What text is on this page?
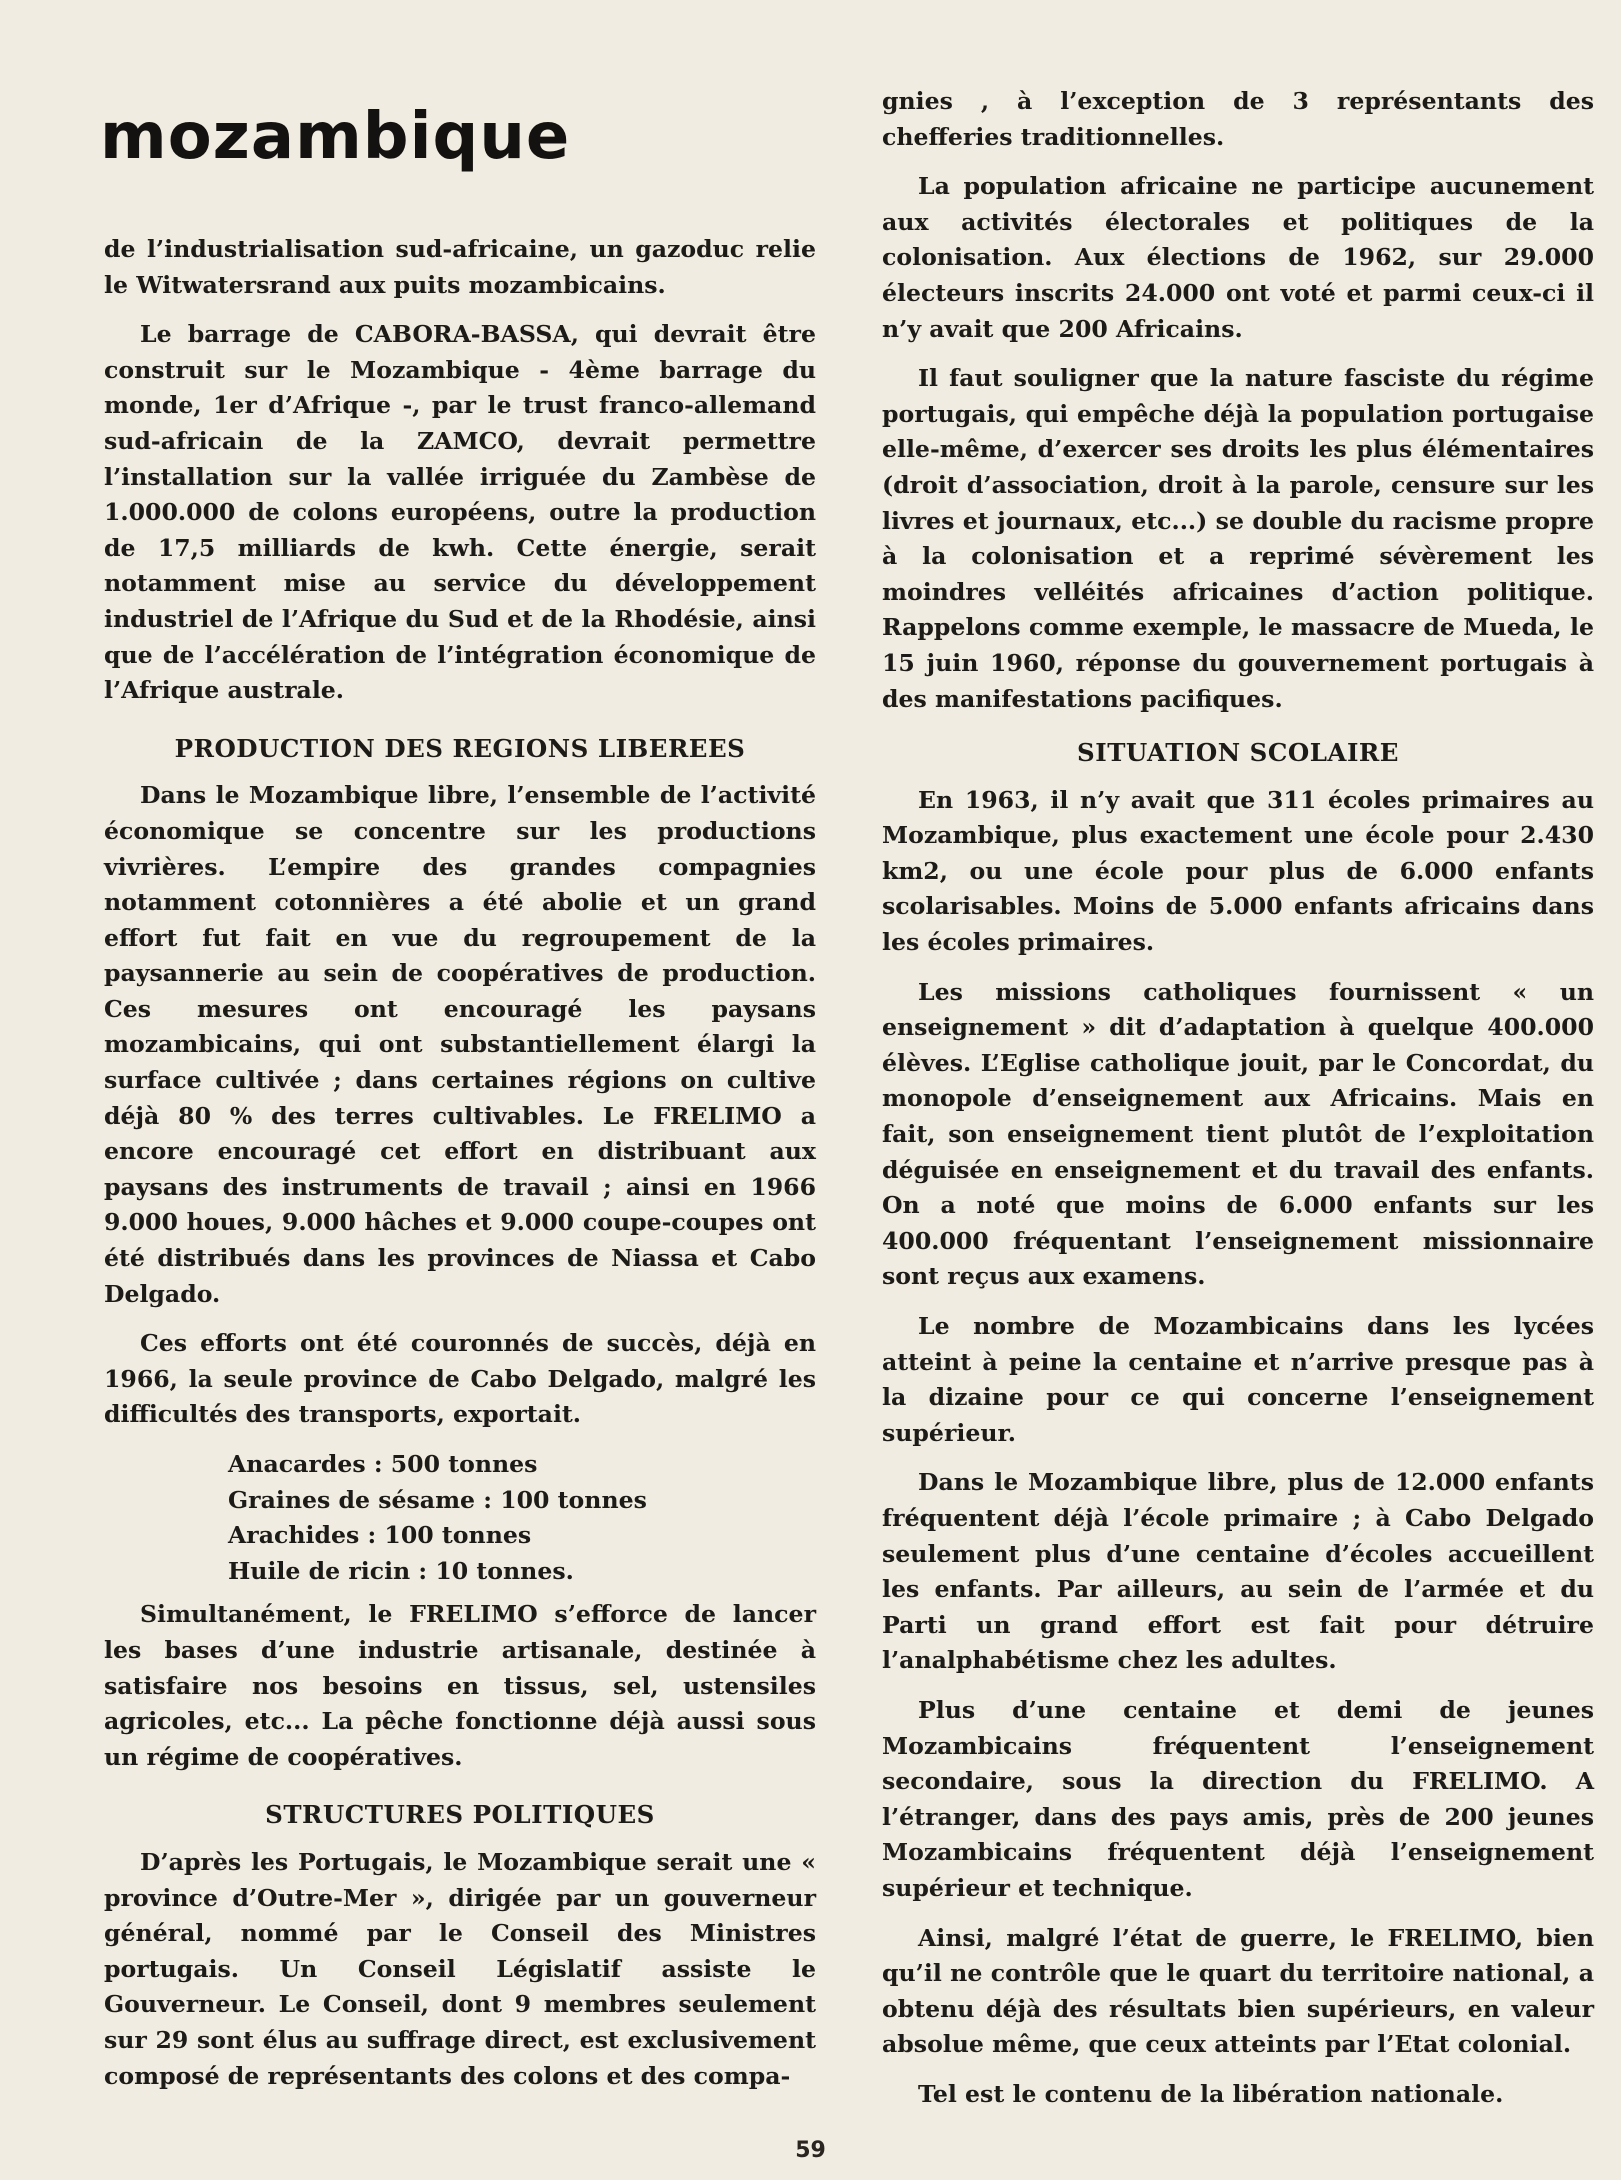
mozambique

de l’industrialisation sud-africaine, un gazoduc relie le Witwatersrand aux puits mozambicains.

Le barrage de CABORA-BASSA, qui devrait être construit sur le Mozambique - 4ème barrage du monde, 1er d’Afrique -, par le trust franco-allemand sud-africain de la ZAMCO, devrait permettre l’installation sur la vallée irriguée du Zambèse de 1.000.000 de colons européens, outre la production de 17,5 milliards de kwh. Cette énergie, serait notamment mise au service du développement industriel de l’Afrique du Sud et de la Rhodésie, ainsi que de l’accélération de l’intégration économique de l’Afrique australe.

PRODUCTION DES REGIONS LIBEREES

Dans le Mozambique libre, l’ensemble de l’activité économique se concentre sur les productions vivrières. L’empire des grandes compagnies notamment cotonnières a été abolie et un grand effort fut fait en vue du regroupement de la paysannerie au sein de coopératives de production. Ces mesures ont encouragé les paysans mozambicains, qui ont substantiellement élargi la surface cultivée ; dans certaines régions on cultive déjà 80 % des terres cultivables. Le FRELIMO a encore encouragé cet effort en distribuant aux paysans des instruments de travail ; ainsi en 1966 9.000 houes, 9.000 hâches et 9.000 coupe-coupes ont été distribués dans les provinces de Niassa et Cabo Delgado.

Ces efforts ont été couronnés de succès, déjà en 1966, la seule province de Cabo Delgado, malgré les difficultés des transports, exportait.

Anacardes : 500 tonnes
Graines de sésame : 100 tonnes
Arachides : 100 tonnes
Huile de ricin : 10 tonnes.

Simultanément, le FRELIMO s’efforce de lancer les bases d’une industrie artisanale, destinée à satisfaire nos besoins en tissus, sel, ustensiles agricoles, etc... La pêche fonctionne déjà aussi sous un régime de coopératives.

STRUCTURES POLITIQUES

D’après les Portugais, le Mozambique serait une « province d’Outre-Mer », dirigée par un gouverneur général, nommé par le Conseil des Ministres portugais. Un Conseil Législatif assiste le Gouverneur. Le Conseil, dont 9 membres seulement sur 29 sont élus au suffrage direct, est exclusivement composé de représentants des colons et des compa-

gnies , à l’exception de 3 représentants des chefferies traditionnelles.

La population africaine ne participe aucunement aux activités électorales et politiques de la colonisation. Aux élections de 1962, sur 29.000 électeurs inscrits 24.000 ont voté et parmi ceux-ci il n’y avait que 200 Africains.

Il faut souligner que la nature fasciste du régime portugais, qui empêche déjà la population portugaise elle-même, d’exercer ses droits les plus élémentaires (droit d’association, droit à la parole, censure sur les livres et journaux, etc...) se double du racisme propre à la colonisation et a reprimé sévèrement les moindres velléités africaines d’action politique. Rappelons comme exemple, le massacre de Mueda, le 15 juin 1960, réponse du gouvernement portugais à des manifestations pacifiques.

SITUATION SCOLAIRE

En 1963, il n’y avait que 311 écoles primaires au Mozambique, plus exactement une école pour 2.430 km2, ou une école pour plus de 6.000 enfants scolarisables. Moins de 5.000 enfants africains dans les écoles primaires.

Les missions catholiques fournissent « un enseignement » dit d’adaptation à quelque 400.000 élèves. L’Eglise catholique jouit, par le Concordat, du monopole d’enseignement aux Africains. Mais en fait, son enseignement tient plutôt de l’exploitation déguisée en enseignement et du travail des enfants. On a noté que moins de 6.000 enfants sur les 400.000 fréquentant l’enseignement missionnaire sont reçus aux examens.

Le nombre de Mozambicains dans les lycées atteint à peine la centaine et n’arrive presque pas à la dizaine pour ce qui concerne l’enseignement supérieur.

Dans le Mozambique libre, plus de 12.000 enfants fréquentent déjà l’école primaire ; à Cabo Delgado seulement plus d’une centaine d’écoles accueillent les enfants. Par ailleurs, au sein de l’armée et du Parti un grand effort est fait pour détruire l’analphabétisme chez les adultes.

Plus d’une centaine et demi de jeunes Mozambicains fréquentent l’enseignement secondaire, sous la direction du FRELIMO. A l’étranger, dans des pays amis, près de 200 jeunes Mozambicains fréquentent déjà l’enseignement supérieur et technique.

Ainsi, malgré l’état de guerre, le FRELIMO, bien qu’il ne contrôle que le quart du territoire national, a obtenu déjà des résultats bien supérieurs, en valeur absolue même, que ceux atteints par l’Etat colonial.

Tel est le contenu de la libération nationale.

59
